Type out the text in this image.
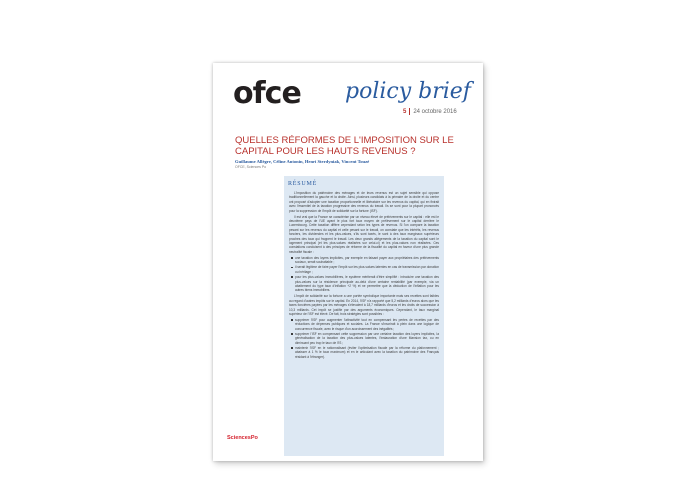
ofce policy brief
5 24 octobre 2016
QUELLES RÉFORMES DE L'IMPOSITION SUR LE CAPITAL POUR LES HAUTS REVENUS ?
Guillaume Allègre, Céline Antonin, Henri Sterdyniak, Vincent Touzé
OFCE, Sciences Po
RÉSUMÉ

L'imposition du patrimoine des ménages et de leurs revenus est un sujet sensible qui oppose traditionnellement la gauche et la droite. Ainsi, plusieurs candidats à la primaire de la droite et du centre ont proposé d'adopter une taxation proportionnelle et libératoire sur les revenus du capital, qui en finirait avec l'essentiel de la taxation progressive des revenus du travail. Ils se sont pour la plupart prononcés pour la suppression de l'impôt de solidarité sur la fortune (ISF).

Il est vrai que la France se caractérise par un niveau élevé de prélèvements sur le capital : elle est le deuxième pays de l'UE ayant le plus fort taux moyen de prélèvement sur le capital derrière le Luxembourg. Cette taxation diffère cependant selon les types de revenus. Si l'on compare la taxation pesant sur les revenus du capital et celle pesant sur le travail, on constate que les intérêts, les revenus fonciers, les dividendes et les plus-values, s'ils sont taxés, le sont à des taux marginaux supérieurs proches des taux qui frappent le travail. Les deux grands allègements de la taxation du capital sont le logement principal (et les plus-values réalisées sur celui-ci) et les plus-values non réalisées. Ces constations conduisent à des principes de réforme de la fiscalité du capital en faveur d'une plus grande neutralité fiscale :

une taxation des loyers implicites, par exemple en faisant payer aux propriétaires des prélèvements sociaux, serait souhaitable ;
il serait légitime de faire payer l'impôt sur les plus-values latentes en cas de transmission par donation ou héritage ;
pour les plus-values immobilières, le système mériterait d'être simplifié : introduire une taxation des plus-values sur la résidence principale au-delà d'une certaine rentabilité (par exemple, via un abattement du type taux d'inflation +2 %) et ne permettre que la déduction de l'inflation pour les autres biens immobiliers.

L'impôt de solidarité sur la fortune a une portée symbolique importante mais ses recettes sont faibles au regard d'autres impôts sur le capital. En 2014, l'ISF n'a rapporté que 5,2 milliards d'euros alors que les taxes foncières payées par les ménages s'élevaient à 18,7 milliards d'euros et les droits de succession à 10,3 milliards. Cet impôt se justifie par des arguments économiques. Cependant, le taux marginal supérieur de l'ISF est élevé. De fait, trois stratégies sont possibles :

supprimer l'ISF pour augmenter l'attractivité tout en compensant les pertes de recettes par des réductions de dépenses publiques et sociales. La France s'inscrirait à plein dans une logique de concurrence fiscale, avec le risque d'un accroissement des inégalités ;
supprimer l'ISF en compensant cette suppression par une certaine taxation des loyers implicites, la généralisation de la taxation des plus-values latentes, l'instauration d'une Mansion tax, ou en diminuant peu trop le taux de l'IS ;
maintenir l'ISF en le rationnalisant (éviter l'optimisation fiscale par la réforme du plafonnement ; abaisser à 1 % le taux maximum) et en le articulant avec la taxation du patrimoine des Français résidant à l'étranger).
SciencesPo
